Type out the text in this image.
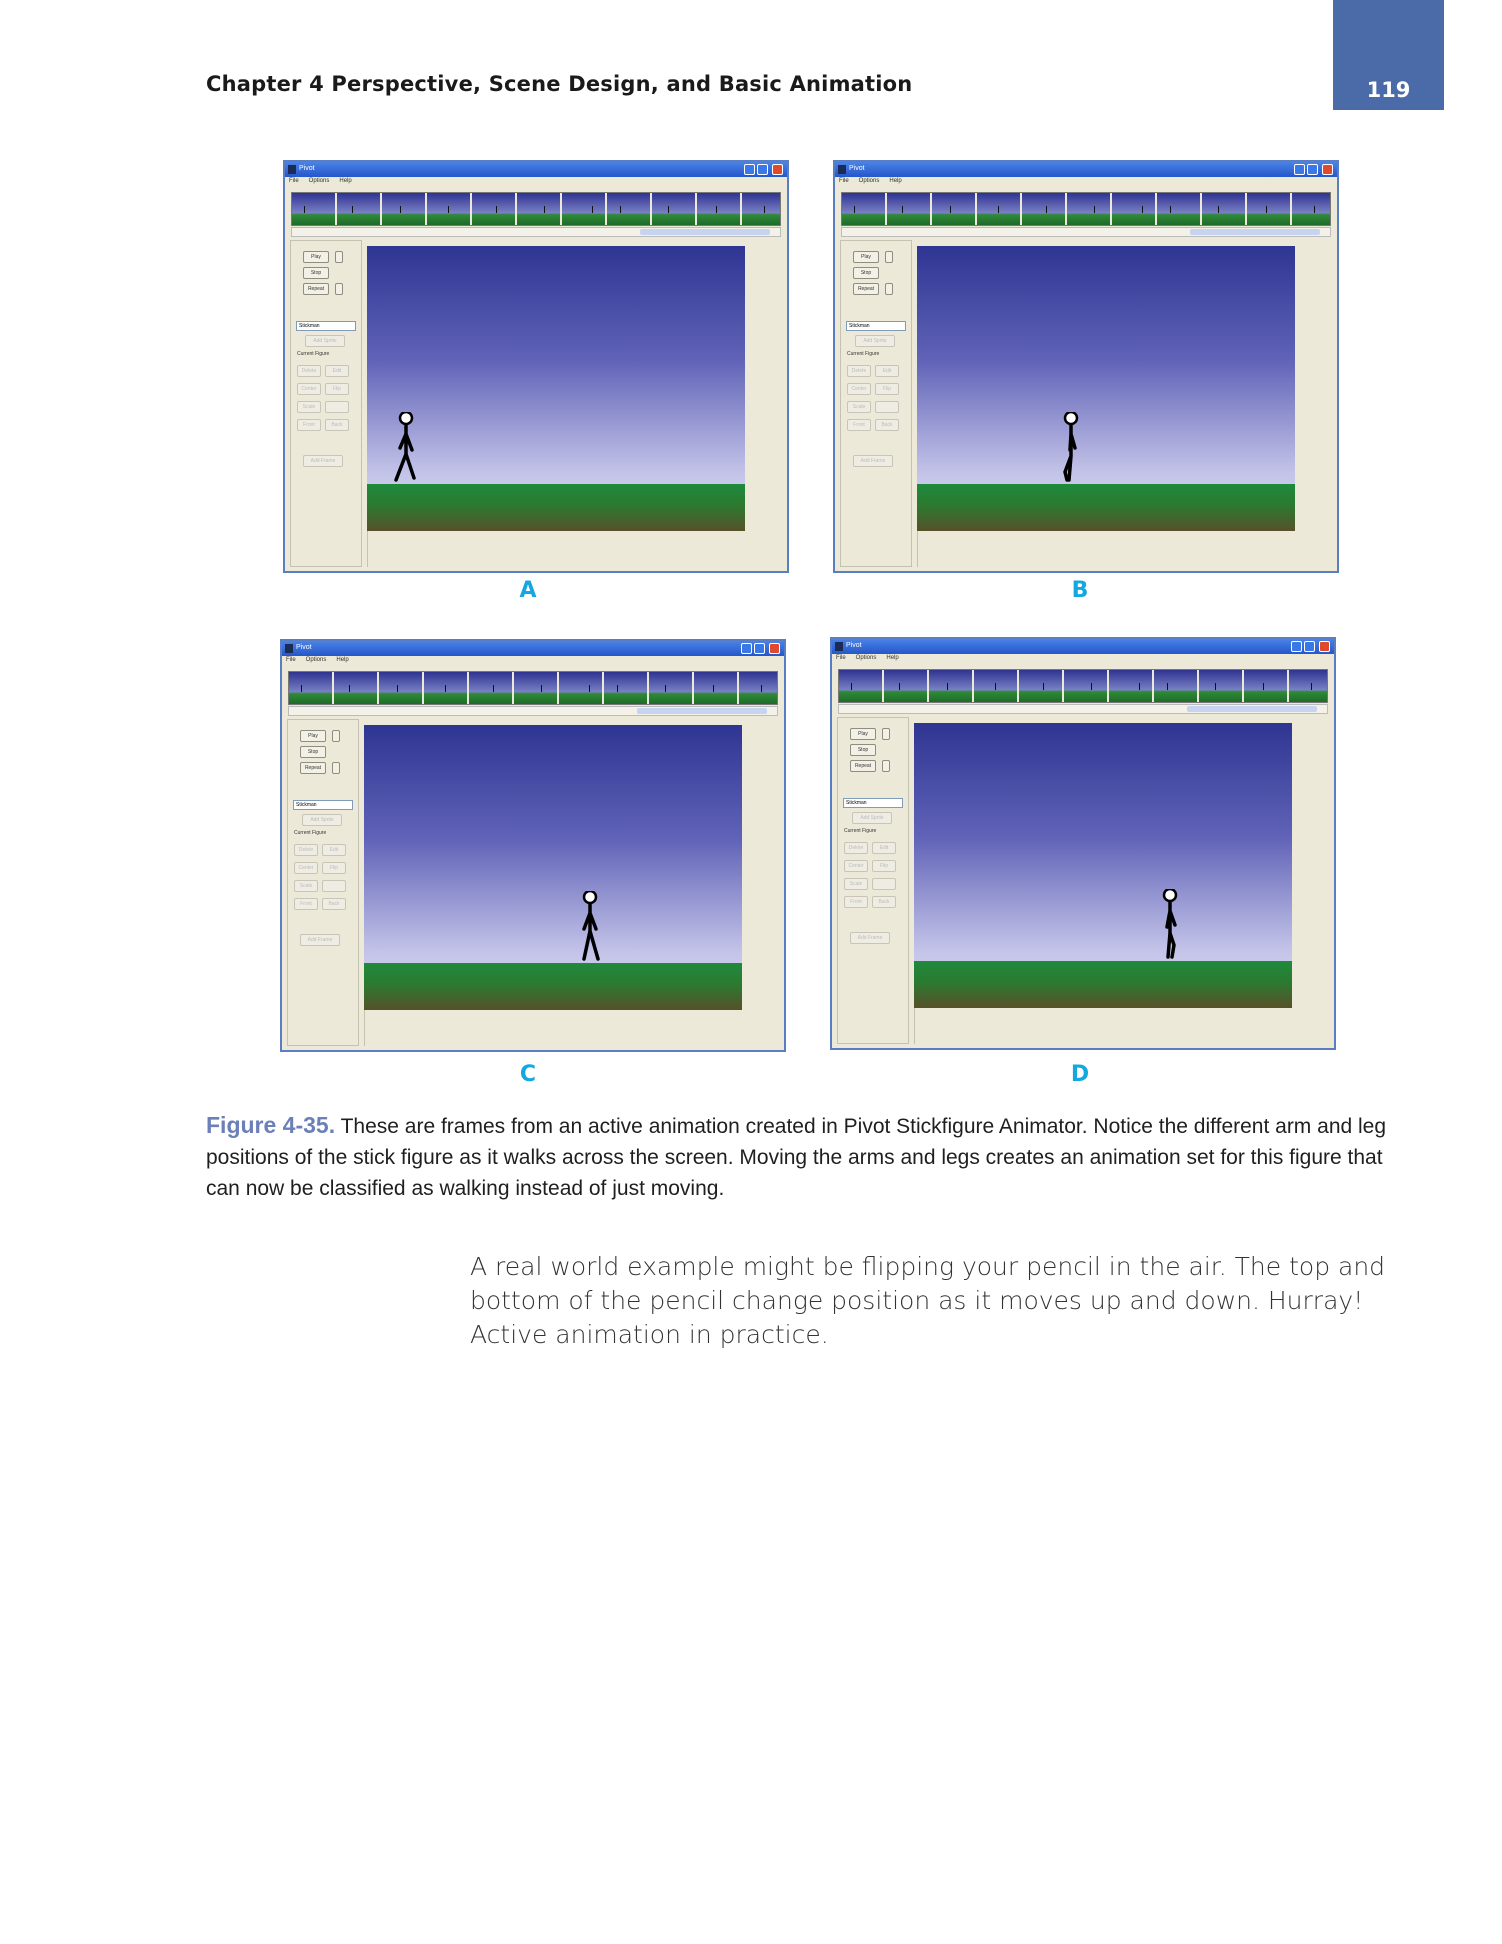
Chapter 4 Perspective, Scene Design, and Basic Animation	119
Pivot
File Options Help
Play
Stop
Repeat
Stickman
Add Sprite
Current Figure
Delete	Edit
Center	Flip
Scale
Front	Back
Add Frame
Pivot
File Options Help
Play
Stop
Repeat
Stickman
Add Sprite
Current Figure
Delete	Edit
Center	Flip
Scale
Front	Back
Add Frame
Pivot
File Options Help
Play
Stop
Repeat
Stickman
Add Sprite
Current Figure
Delete	Edit
Center	Flip
Scale
Front	Back
Add Frame
Pivot
File Options Help
Play
Stop
Repeat
Stickman
Add Sprite
Current Figure
Delete	Edit
Center	Flip
Scale
Front	Back
Add Frame
A	B
C	D
Figure 4-35. These are frames from an active animation created in Pivot Stickfigure Animator. Notice the different arm and leg positions of the stick figure as it walks across the screen. Moving the arms and legs creates an animation set for this figure that can now be classified as walking instead of just moving.
A real world example might be flipping your pencil in the air. The top and bottom of the pencil change position as it moves up and down. Hurray! Active animation in practice.
